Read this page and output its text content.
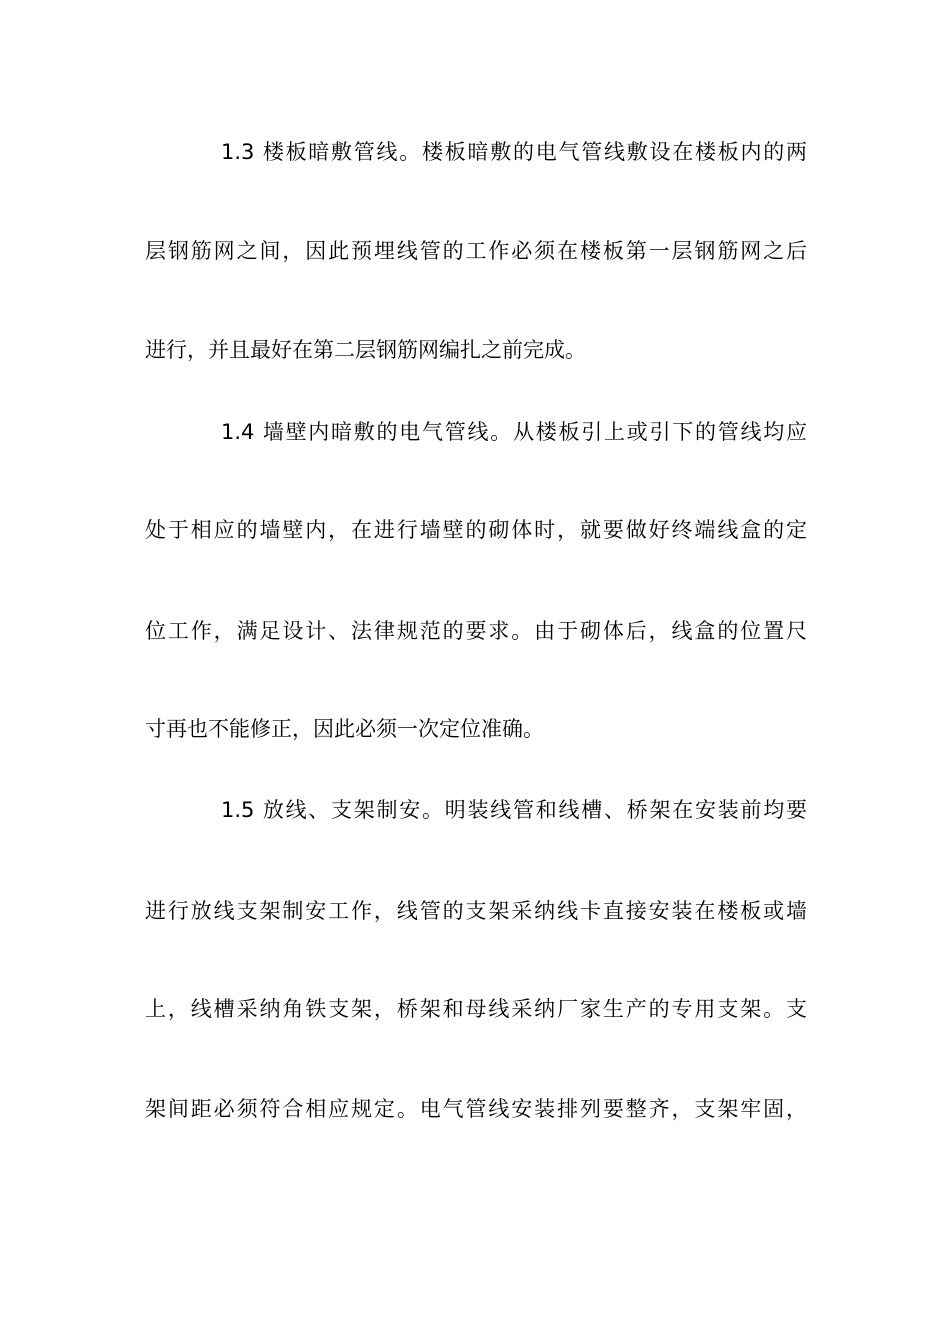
1.3 楼板暗敷管线。楼板暗敷的电气管线敷设在楼板内的两
层钢筋网之间，因此预埋线管的工作必须在楼板第一层钢筋网之后
进行，并且最好在第二层钢筋网编扎之前完成。
1.4 墙壁内暗敷的电气管线。从楼板引上或引下的管线均应
处于相应的墙壁内，在进行墙壁的砌体时，就要做好终端线盒的定
位工作，满足设计、法律规范的要求。由于砌体后，线盒的位置尺
寸再也不能修正，因此必须一次定位准确。
1.5 放线、支架制安。明装线管和线槽、桥架在安装前均要
进行放线支架制安工作，线管的支架采纳线卡直接安装在楼板或墙
上，线槽采纳角铁支架，桥架和母线采纳厂家生产的专用支架。支
架间距必须符合相应规定。电气管线安装排列要整齐，支架牢固，
